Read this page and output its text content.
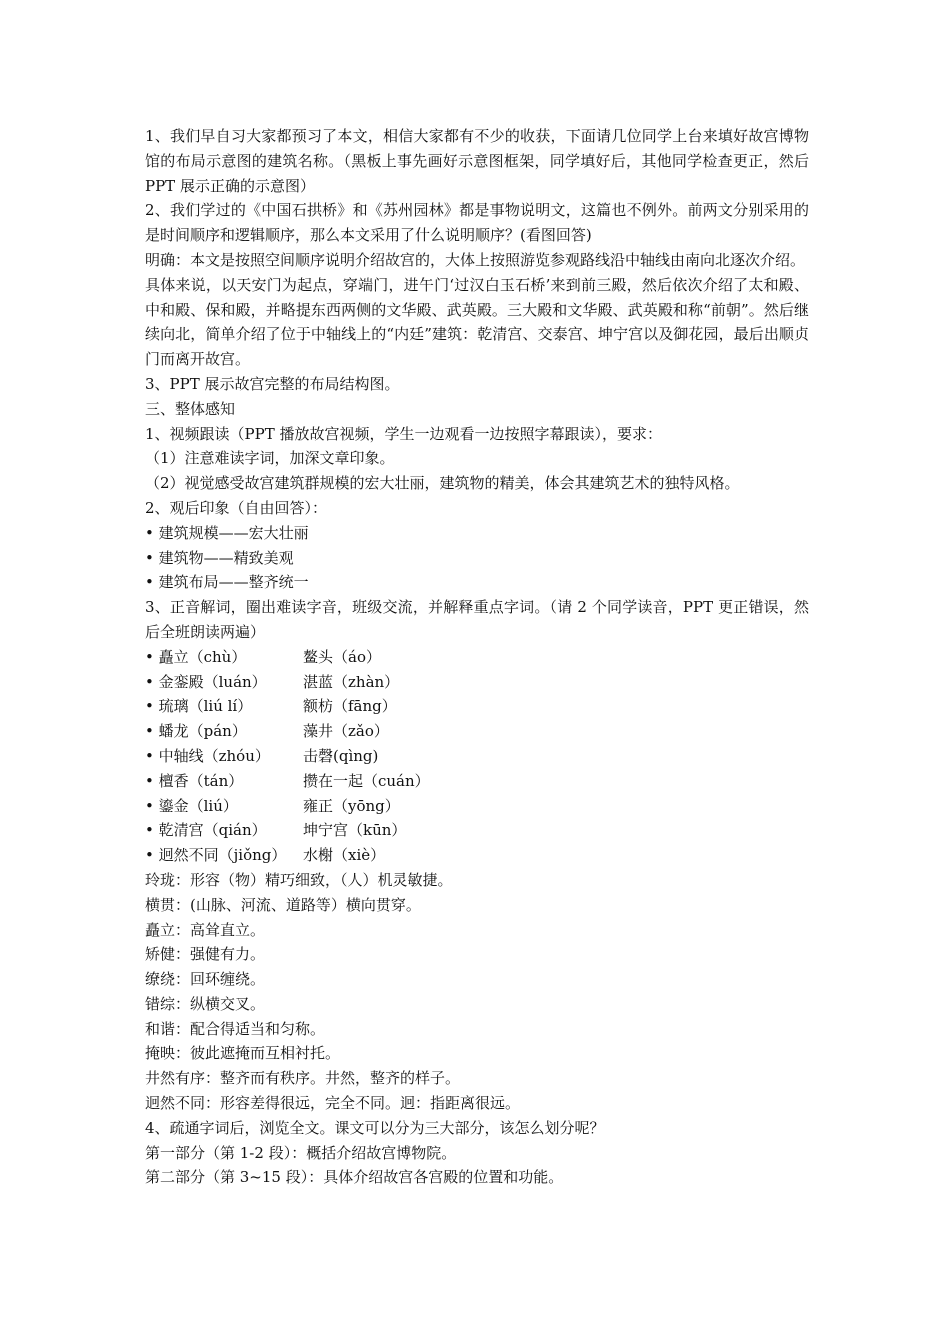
1、我们早自习大家都预习了本文，相信大家都有不少的收获，下面请几位同学上台来填好故宫博物馆的布局示意图的建筑名称。（黑板上事先画好示意图框架，同学填好后，其他同学检查更正，然后 PPT 展示正确的示意图）

2、我们学过的《中国石拱桥》和《苏州园林》都是事物说明文，这篇也不例外。前两文分别采用的是时间顺序和逻辑顺序，那么本文采用了什么说明顺序？(看图回答)

明确：本文是按照空间顺序说明介绍故宫的，大体上按照游览参观路线沿中轴线由南向北逐次介绍。

具体来说，以天安门为起点，穿端门，进午门‘过汉白玉石桥’来到前三殿，然后依次介绍了太和殿、中和殿、保和殿，并略提东西两侧的文华殿、武英殿。三大殿和文华殿、武英殿和称“前朝”。然后继续向北，简单介绍了位于中轴线上的“内廷”建筑：乾清宫、交泰宫、坤宁宫以及御花园，最后出顺贞门而离开故宫。

3、PPT 展示故宫完整的布局结构图。

三、整体感知

1、视频跟读（PPT 播放故宫视频，学生一边观看一边按照字幕跟读），要求：

（1）注意难读字词，加深文章印象。

（2）视觉感受故宫建筑群规模的宏大壮丽，建筑物的精美，体会其建筑艺术的独特风格。

2、观后印象（自由回答）：

• 建筑规模——宏大壮丽

• 建筑物——精致美观

• 建筑布局——整齐统一

3、正音解词，圈出难读字音，班级交流，并解释重点字词。（请 2 个同学读音，PPT 更正错误，然后全班朗读两遍）

• 矗立（chù）	鳌头（áo）
• 金銮殿（luán）	湛蓝（zhàn）
• 琉璃（liú lí）	额枋（fāng）
• 蟠龙（pán）	藻井（zǎo）
• 中轴线（zhóu）	击磬(qìng)
• 檀香（tán）	攒在一起（cuán）
• 鎏金（liú）	雍正（yōng）
• 乾清宫（qián）	坤宁宫（kūn）
• 迥然不同（jiǒng）	水榭（xiè）

玲珑：形容（物）精巧细致，（人）机灵敏捷。

横贯：(山脉、河流、道路等）横向贯穿。

矗立：高耸直立。

矫健：强健有力。

缭绕：回环缠绕。

错综：纵横交叉。

和谐：配合得适当和匀称。

掩映：彼此遮掩而互相衬托。

井然有序：整齐而有秩序。井然，整齐的样子。

迥然不同：形容差得很远，完全不同。迥：指距离很远。

4、疏通字词后，浏览全文。课文可以分为三大部分，该怎么划分呢？

第一部分（第 1-2 段）：概括介绍故宫博物院。

第二部分（第 3~15 段）：具体介绍故宫各宫殿的位置和功能。
